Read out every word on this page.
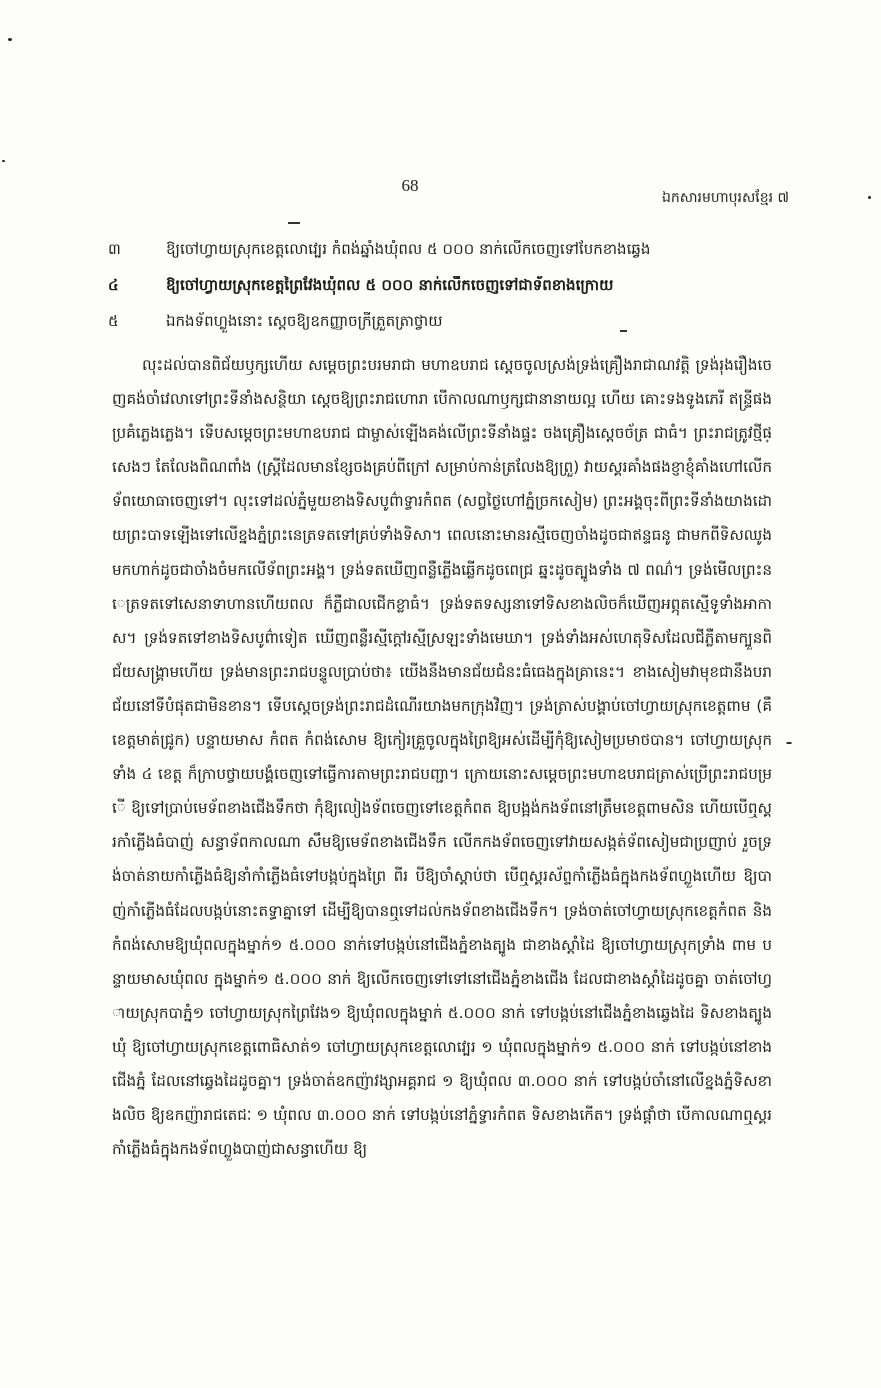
68
ឯកសារមហាបុរសខ្មែរ ៧
៣	ឱ្យចៅហ្វាយស្រុកខេត្តលោវេ្បរ កំពង់ឆ្នាំងឃុំពល ៥ ០០០ នាក់លើកចេញទៅបែកខាងឆ្វេង
៤	ឱ្យចៅហ្វាយស្រុកខេត្តព្រៃវែងឃុំពល ៥ ០០០ នាក់លើកចេញទៅជាទ័ពខាងក្រោយ
៥	ឯកងទ័ពហ្លួងនោះ ស្ដេចឱ្យឧកញ្ញាចក្រីត្រួតត្រាថ្វាយ
លុះដល់បានពិជ័យឫក្សហើយ សម្ដេចព្រះបរមរាជា មហាឧបរាជ ស្ដេចចូលស្រង់ទ្រង់គ្រឿងរាជាណវត្តិ ទ្រង់រុងរឿងចេញគង់ចាំវេលាទៅព្រះទីនាំងសន្ថិយា ស្ដេចឱ្យព្រះរាជហោរា បើកាលណាឫក្សជានានាយល្អ ហើយ គោះទងទូងភេរី ឥន្ទ្រីផងប្រគំភ្លេងភ្លេង។ ទើបសម្ដេចព្រះមហាឧបរាជ ជាម្ចាស់ឡើងគង់លើព្រះទីនាំងផ្ទះ ចងគ្រឿងស្ដេចច័ត្រ ជាធំ។ ព្រះរាជត្រូវថ្មីផ្សេងៗ តែលែងពិណពាំង (ស្ដ្រីដែលមានខ្សែចងគ្រប់ពីក្រៅ សម្រាប់កាន់ត្រលែងឱ្យព្រួ) វាយស្គរគាំងផងខ្ញាខ្ញុំគាំងហៅលើកទ័ពយោធាចេញទៅ។ លុះទៅដល់ភ្នំមួយខាងទិសបូព៌ាទ្វារកំពត (សព្វថ្ងៃហៅភ្នំច្រកសៀម) ព្រះអង្គចុះពីព្រះទីនាំងយាងដោយព្រះបាទឡើងទៅលើខ្នងភ្នំព្រះនេត្រទតទៅគ្រប់ទាំងទិសា។ ពេលនោះមានរស្មីចេញចាំងដូចជាឥន្ទធនូ ជាមកពីទិសឈូងមកហាក់ដូចជាចាំងចំមកលើទ័ពព្រះអង្គ។ ទ្រង់ទតឃើញពន្លឺភ្លើងឆ្លើកដូចពេជ្រ ឆ្នះដូចត្បូងទាំង ៧ ពណ៌។ ទ្រង់មើលព្រះនេត្រទតទៅសេនាទាហានហើយពល ក៏ភ្លឺជាលជើកខ្លាធំ។ ទ្រង់ទតទស្សនាទៅទិសខាងលិចក៏ឃើញអព្ភុតស្មើទូទាំងអាកាស។ ទ្រង់ទតទៅខាងទិសបូព៌ាទៀត ឃើញពន្លឺរស្មីក្ដៅរស្មីស្រឡះទាំងមេឃា។ ទ្រង់ទាំងអស់ហេតុទិសដែលជីភ្លឺតាមក្បួនពិជ័យសង្គ្រាមហើយ ទ្រង់មានព្រះរាជបន្ទូលប្រាប់ថា៖ យើងនឹងមានជ័យជំនះធំធេងក្នុងគ្រានេះ។ ខាងសៀមវាមុខជានឹងបរាជ័យនៅទីបំផុតជាមិនខាន។ ទើបស្ដេចទ្រង់ព្រះរាជដំណើរយាងមកក្រុងវិញ។ ទ្រង់ត្រាស់បង្គាប់ចៅហ្វាយស្រុកខេត្តពាម (គឺខេត្តមាត់ជ្រូក) បន្ទាយមាស កំពត កំពង់សោម ឱ្យកៀរគ្រួចូលក្នុងព្រៃឱ្យអស់ដើម្បីកុំឱ្យសៀមប្រមាថបាន។ ចៅហ្វាយស្រុកទាំង ៤ ខេត្ត ក៏ក្រាបថ្វាយបង្គំចេញទៅធ្វើការតាមព្រះរាជបញ្ជា។ ក្រោយនោះសម្ដេចព្រះមហាឧបរាជត្រាស់ប្រើព្រះរាជបម្រើ ឱ្យទៅប្រាប់មេទ័ពខាងជើងទឹកថា កុំឱ្យលៀងទ័ពចេញទៅខេត្តកំពត ឱ្យបង្អង់កងទ័ពនៅត្រឹមខេត្តពាមសិន ហើយបើឮស្គរកាំភ្លើងធំបាញ់ សន្ធាទ័ពកាលណា សឹមឱ្យមេទ័ពខាងជើងទឹក លើកកងទ័ពចេញទៅវាយសង្កត់ទ័ពសៀមជាប្រញាប់ រួចទ្រង់ចាត់នាយកាំភ្លើងធំឱ្យនាំកាំភ្លើងធំទៅបង្កប់ក្នុងព្រៃ ពីរ បីឱ្យចាំស្ដាប់ថា បើឮស្គរស័ព្ទកាំភ្លើងធំក្នុងកងទ័ពហ្លួងហើយ ឱ្យបាញ់កាំភ្លើងធំដែលបង្កប់នោះតទ្ធាគ្នាទៅ ដើម្បីឱ្យបានឮទៅដល់កងទ័ពខាងជើងទឹក។ ទ្រង់ចាត់ចៅហ្វាយស្រុកខេត្តកំពត និងកំពង់សោមឱ្យឃុំពលក្នុងម្នាក់១ ៥.០០០ នាក់ទៅបង្កប់នៅជើងភ្នំខាងត្បូង ជាខាងស្ដាំដៃ ឱ្យចៅហ្វាយស្រុកទ្រាំង ពាម បន្ទាយមាសឃុំពល ក្នុងម្នាក់១ ៥.០០០ នាក់ ឱ្យលើកចេញទៅទៅនៅជើងភ្នំខាងជើង ដែលជាខាងស្ដាំដៃដូចគ្នា ចាត់ចៅហ្វាយស្រុកបាភ្នំ១ ចៅហ្វាយស្រុកព្រៃវែង១ ឱ្យឃុំពលក្នុងម្នាក់ ៥.០០០ នាក់ ទៅបង្កប់នៅជើងភ្នំខាងឆ្វេងដៃ ទិសខាងត្បូងឃុំ ឱ្យចៅហ្វាយស្រុកខេត្តពោធិសាត់១ ចៅហ្វាយស្រុកខេត្តលោវេ្បរ ១ ឃុំពលក្នុងម្នាក់១ ៥.០០០ នាក់ ទៅបង្កប់នៅខាងជើងភ្នំ ដែលនៅឆ្វេងដៃដូចគ្នា។ ទ្រង់ចាត់ឧកញ៉ាវង្សាអគ្គរាជ ១ ឱ្យឃុំពល ៣.០០០ នាក់ ទៅបង្កប់ចាំនៅលើខ្នងភ្នំទិសខាងលិច ឱ្យឧកញ៉ារាជតេជៈ ១ ឃុំពល ៣.០០០ នាក់ ទៅបង្កប់នៅភ្នំទ្វារកំពត ទិសខាងកើត។ ទ្រង់ផ្ដាំថា បើកាលណាឮស្គរកាំភ្លើងធំក្នុងកងទ័ពហ្លួងបាញ់ជាសន្ធាហើយ ឱ្យ
